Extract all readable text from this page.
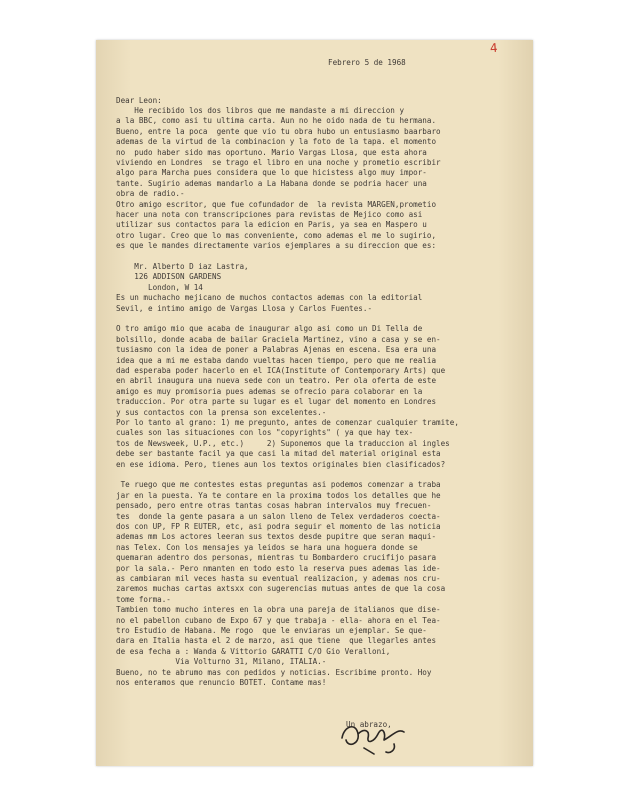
4

Febrero 5 de 1968

Dear Leon:

He recibido los dos libros que me mandaste a mi direccion y

a la BBC, como asi tu ultima carta. Aun no he oido nada de tu hermana.

Bueno, entre la poca  gente que vio tu obra hubo un entusiasmo baarbaro

ademas de la virtud de la combinacion y la foto de la tapa. el momento

no  pudo haber sido mas oportuno. Mario Vargas Llosa, que esta ahora

viviendo en Londres  se trago el libro en una noche y prometio escribir

algo para Marcha pues considera que lo que hicistess algo muy impor-

tante. Sugirio ademas mandarlo a La Habana donde se podria hacer una

obra de radio.-

Otro amigo escritor, que fue cofundador de  la revista MARGEN,prometio

hacer una nota con transcripciones para revistas de Mejico como asi

utilizar sus contactos para la edicion en Paris, ya sea en Maspero u

otro lugar. Creo que lo mas conveniente, como ademas el me lo sugirio,

es que le mandes directamente varios ejemplares a su direccion que es:

Mr. Alberto D iaz Lastra,

126 ADDISON GARDENS

London, W 14

Es un muchacho mejicano de muchos contactos ademas con la editorial

Sevil, e intimo amigo de Vargas Llosa y Carlos Fuentes.-

O tro amigo mio que acaba de inaugurar algo asi como un Di Tella de

bolsillo, donde acaba de bailar Graciela Martinez, vino a casa y se en-

tusiasmo con la idea de poner a Palabras Ajenas en escena. Esa era una

idea que a mi me estaba dando vueltas hacen tiempo, pero que me realia

dad esperaba poder hacerlo en el ICA(Institute of Contemporary Arts) que

en abril inaugura una nueva sede con un teatro. Per ola oferta de este

amigo es muy promisoria pues ademas se ofrecio para colaborar en la

traduccion. Por otra parte su lugar es el lugar del momento en Londres

y sus contactos con la prensa son excelentes.-

Por lo tanto al grano: 1) me pregunto, antes de comenzar cualquier tramite,

cuales son las situaciones con los "copyrights" ( ya que hay tex-

tos de Newsweek, U.P., etc.)     2) Suponemos que la traduccion al ingles

debe ser bastante facil ya que casi la mitad del material original esta

en ese idioma. Pero, tienes aun los textos originales bien clasificados?

Te ruego que me contestes estas preguntas asi podemos comenzar a traba

jar en la puesta. Ya te contare en la proxima todos los detalles que he

pensado, pero entre otras tantas cosas habran intervalos muy frecuen-

tes  donde la gente pasara a un salon lleno de Telex verdaderos coecta-

dos con UP, FP R EUTER, etc, asi podra seguir el momento de las noticia

ademas mm Los actores leeran sus textos desde pupitre que seran maqui-

nas Telex. Con los mensajes ya leidos se hara una hoguera donde se

quemaran adentro dos personas, mientras tu Bombardero crucifijo pasara

por la sala.- Pero nmanten en todo esto la reserva pues ademas las ide-

as cambiaran mil veces hasta su eventual realizacion, y ademas nos cru-

zaremos muchas cartas axtsxx con sugerencias mutuas antes de que la cosa

tome forma.-

Tambien tomo mucho interes en la obra una pareja de italianos que dise-

no el pabellon cubano de Expo 67 y que trabaja - ella- ahora en el Tea-

tro Estudio de Habana. Me rogo  que le enviaras un ejemplar. Se que-

dara en Italia hasta el 2 de marzo, asi que tiene  que llegarles antes

de esa fecha a : Wanda & Vittorio GARATTI C/O Gio Veralloni,

Via Volturno 31, Milano, ITALIA.-

Bueno, no te abrumo mas con pedidos y noticias. Escribime pronto. Hoy

nos enteramos que renuncio BOTET. Contame mas!

Un abrazo,
